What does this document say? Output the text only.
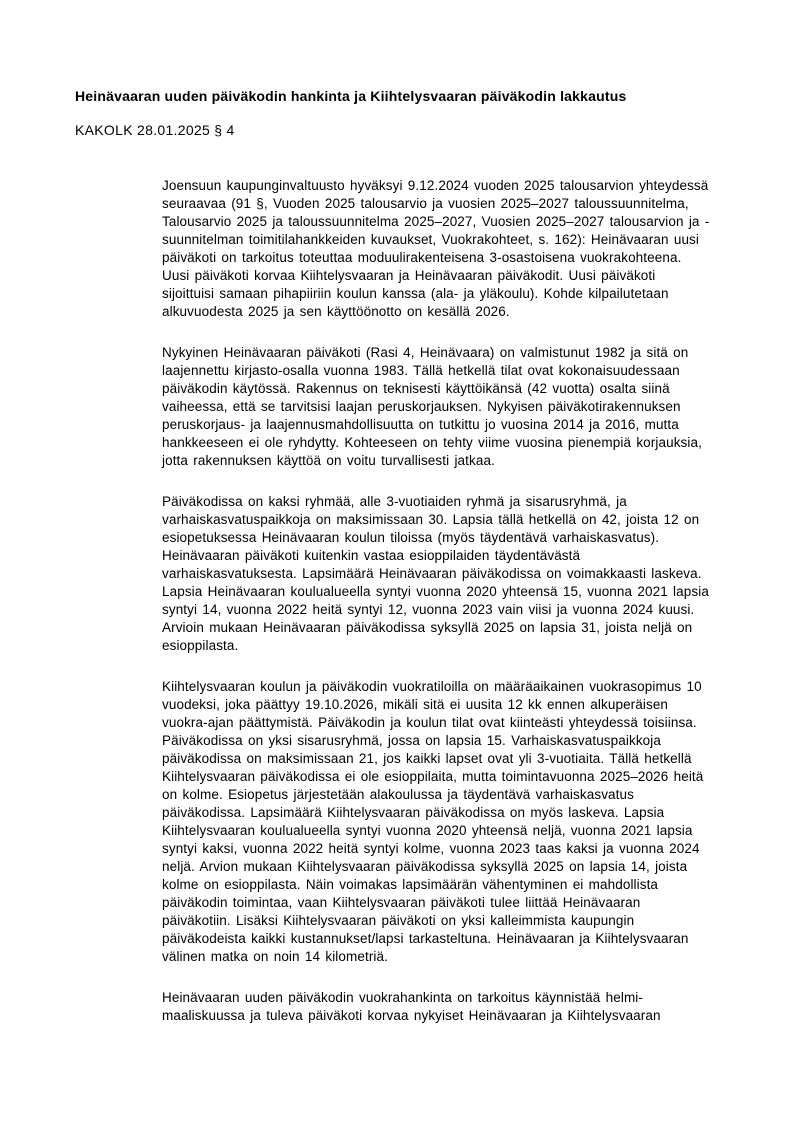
Heinävaaran uuden päiväkodin hankinta ja Kiihtelysvaaran päiväkodin lakkautus
KAKOLK 28.01.2025 § 4
Joensuun kaupunginvaltuusto hyväksyi 9.12.2024 vuoden 2025 talousarvion yhteydessä
seuraavaa (91 §, Vuoden 2025 talousarvio ja vuosien 2025–2027 taloussuunnitelma,
Talousarvio 2025 ja taloussuunnitelma 2025–2027, Vuosien 2025–2027 talousarvion ja -
suunnitelman toimitilahankkeiden kuvaukset, Vuokrakohteet, s. 162): Heinävaaran uusi
päiväkoti on tarkoitus toteuttaa moduulirakenteisena 3-osastoisena vuokrakohteena.
Uusi päiväkoti korvaa Kiihtelysvaaran ja Heinävaaran päiväkodit. Uusi päiväkoti
sijoittuisi samaan pihapiiriin koulun kanssa (ala- ja yläkoulu). Kohde kilpailutetaan
alkuvuodesta 2025 ja sen käyttöönotto on kesällä 2026.
Nykyinen Heinävaaran päiväkoti (Rasi 4, Heinävaara) on valmistunut 1982 ja sitä on
laajennettu kirjasto-osalla vuonna 1983. Tällä hetkellä tilat ovat kokonaisuudessaan
päiväkodin käytössä. Rakennus on teknisesti käyttöikänsä (42 vuotta) osalta siinä
vaiheessa, että se tarvitsisi laajan peruskorjauksen. Nykyisen päiväkotirakennuksen
peruskorjaus- ja laajennusmahdollisuutta on tutkittu jo vuosina 2014 ja 2016, mutta
hankkeeseen ei ole ryhdytty. Kohteeseen on tehty viime vuosina pienempiä korjauksia,
jotta rakennuksen käyttöä on voitu turvallisesti jatkaa.
Päiväkodissa on kaksi ryhmää, alle 3-vuotiaiden ryhmä ja sisarusryhmä, ja
varhaiskasvatuspaikkoja on maksimissaan 30. Lapsia tällä hetkellä on 42, joista 12 on
esiopetuksessa Heinävaaran koulun tiloissa (myös täydentävä varhaiskasvatus).
Heinävaaran päiväkoti kuitenkin vastaa esioppilaiden täydentävästä
varhaiskasvatuksesta. Lapsimäärä Heinävaaran päiväkodissa on voimakkaasti laskeva.
Lapsia Heinävaaran koulualueella syntyi vuonna 2020 yhteensä 15, vuonna 2021 lapsia
syntyi 14, vuonna 2022 heitä syntyi 12, vuonna 2023 vain viisi ja vuonna 2024 kuusi.
Arvioin mukaan Heinävaaran päiväkodissa syksyllä 2025 on lapsia 31, joista neljä on
esioppilasta.
Kiihtelysvaaran koulun ja päiväkodin vuokratiloilla on määräaikainen vuokrasopimus 10
vuodeksi, joka päättyy 19.10.2026, mikäli sitä ei uusita 12 kk ennen alkuperäisen
vuokra-ajan päättymistä. Päiväkodin ja koulun tilat ovat kiinteästi yhteydessä toisiinsa.
Päiväkodissa on yksi sisarusryhmä, jossa on lapsia 15. Varhaiskasvatuspaikkoja
päiväkodissa on maksimissaan 21, jos kaikki lapset ovat yli 3-vuotiaita. Tällä hetkellä
Kiihtelysvaaran päiväkodissa ei ole esioppilaita, mutta toimintavuonna 2025–2026 heitä
on kolme. Esiopetus järjestetään alakoulussa ja täydentävä varhaiskasvatus
päiväkodissa. Lapsimäärä Kiihtelysvaaran päiväkodissa on myös laskeva. Lapsia
Kiihtelysvaaran koulualueella syntyi vuonna 2020 yhteensä neljä, vuonna 2021 lapsia
syntyi kaksi, vuonna 2022 heitä syntyi kolme, vuonna 2023 taas kaksi ja vuonna 2024
neljä. Arvion mukaan Kiihtelysvaaran päiväkodissa syksyllä 2025 on lapsia 14, joista
kolme on esioppilasta. Näin voimakas lapsimäärän vähentyminen ei mahdollista
päiväkodin toimintaa, vaan Kiihtelysvaaran päiväkoti tulee liittää Heinävaaran
päiväkotiin. Lisäksi Kiihtelysvaaran päiväkoti on yksi kalleimmista kaupungin
päiväkodeista kaikki kustannukset/lapsi tarkasteltuna. Heinävaaran ja Kiihtelysvaaran
välinen matka on noin 14 kilometriä.
Heinävaaran uuden päiväkodin vuokrahankinta on tarkoitus käynnistää helmi-
maaliskuussa ja tuleva päiväkoti korvaa nykyiset Heinävaaran ja Kiihtelysvaaran
